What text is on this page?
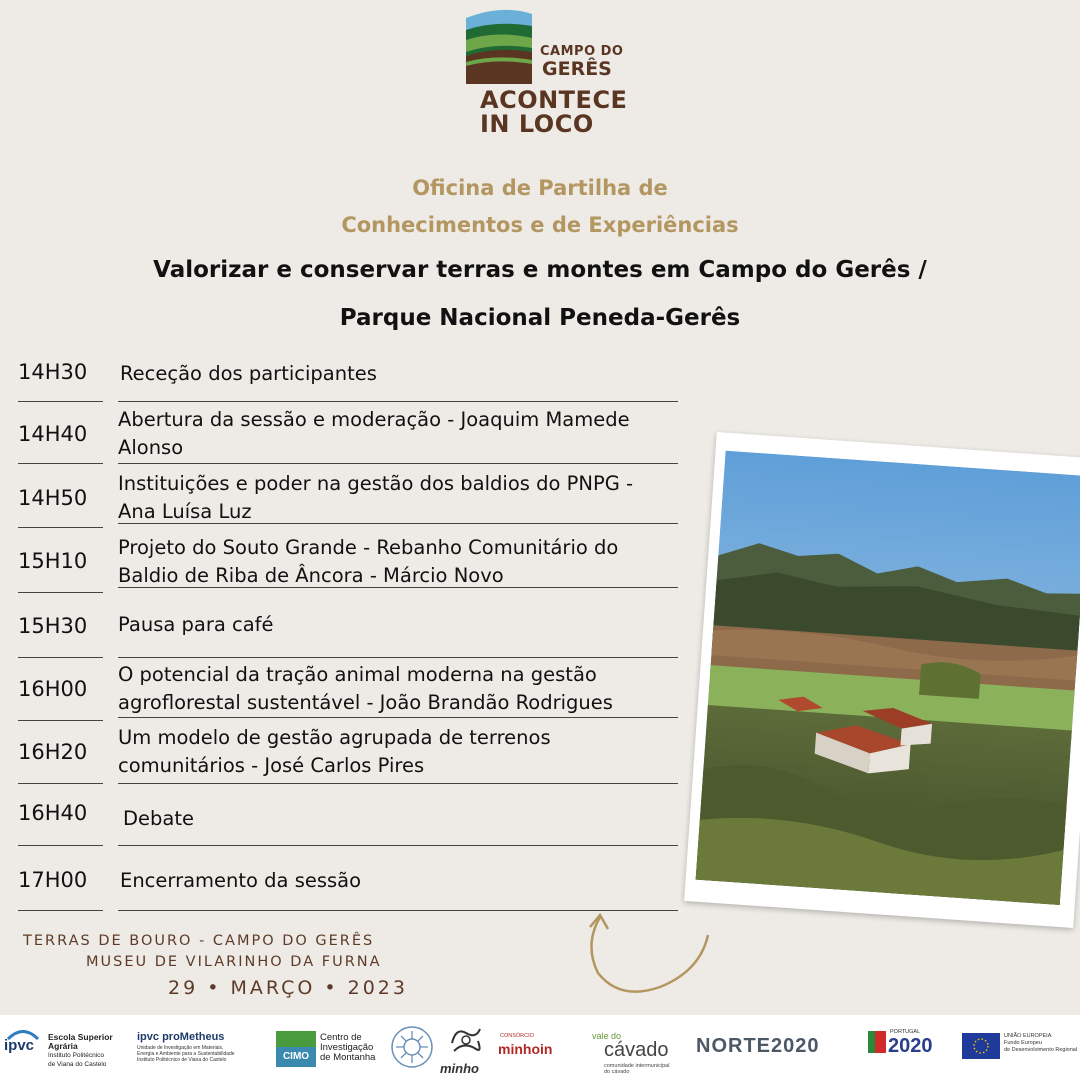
CAMPO DO
GERÊS
ACONTECE
IN LOCO
Oficina de Partilha de
Conhecimentos e de Experiências
Valorizar e conservar terras e montes em Campo do Gerês /
Parque Nacional Peneda-Gerês
14H30 Receção dos participantes
14H40
Abertura da sessão e moderação - Joaquim Mamede
Alonso
14H50
Instituições e poder na gestão dos baldios do PNPG -
Ana Luísa Luz
15H10
Projeto do Souto Grande - Rebanho Comunitário do
Baldio de Riba de Âncora - Márcio Novo
15H30 Pausa para café
16H00
O potencial da tração animal moderna na gestão
agroflorestal sustentável - João Brandão Rodrigues
16H20
Um modelo de gestão agrupada de terrenos
comunitários - José Carlos Pires
16H40 Debate
17H00 Encerramento da sessão
TERRAS DE BOURO - CAMPO DO GERÊS
MUSEU DE VILARINHO DA FURNA
29 • MARÇO • 2023
ipvc Escola Superior
Agrária
Instituto Politécnico
de Viana do Castelo
ipvc proMetheus
Unidade de Investigação em Materiais,
Energia e Ambiente para a Sustentabilidade
Instituto Politécnico de Viana do Castelo	CIMO
Centro de
Investigação
de Montanha
minho
CONSÓRCIO
minhoin
vale do
cávado
comunidade intermunicipal
do cávado
NORTE2020
PORTUGAL
2020	UNIÃO EUROPEIA
Fundo Europeu
de Desenvolvimento Regional
